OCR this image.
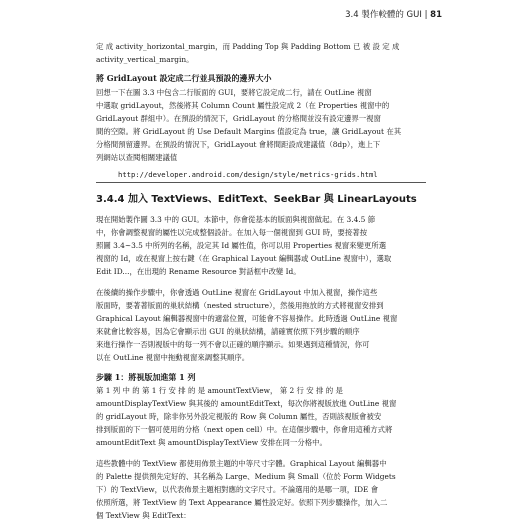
3.4 製作較體的 GUI | 81

定 成 activity_horizontal_margin，而 Padding Top 與 Padding Bottom 已 被 設 定 成

activity_vertical_margin。

將 GridLayout 設定成二行並具預設的邊界大小

回想一下在圖 3.3 中包含二行版面的 GUI，要將它設定成二行，請在 OutLine 視窗

中選取 gridLayout，然後將其 Column Count 屬性設定成 2（在 Properties 視窗中的

GridLayout 群組中）。在預設的情況下，GridLayout 的分格間並沒有設定邊界一視窗

間的空隙。將 GridLayout 的 Use Default Margins 值設定為 true，讓 GridLayout 在其

分格間預留邊界。在預設的情況下，GridLayout 會將間距設成建議值（8dp），進上下

列網站以查閱相關建議值

http://developer.android.com/design/style/metrics-grids.html
3.4.4 加入 TextViews、EditText、SeekBar 與 LinearLayouts

現在開始製作圖 3.3 中的 GUI。本節中，你會從基本的版面與視窗做起。在 3.4.5 節

中，你會調整視窗的屬性以完成整個設計。在加入每一個視窗到 GUI 時，要接著按

照圖 3.4~3.5 中所列的名稱，設定其 Id 屬性值，你可以用 Properties 視窗來變更所選

視窗的 Id，或在視窗上按右鍵（在 Graphical Layout 編輯器或 OutLine 視窗中），選取

Edit ID...，在出現的 Rename Resource 對話框中改變 Id。

在後續的操作步驟中，你會透過 OutLine 視窗在 GridLayout 中加入視窗，操作這些

版面時，要著著版面的巢狀結構（nested structure），然後用拖放的方式將視窗安排到

Graphical Layout 編輯器視窗中的適當位置，可能會不容易操作。此時透過 OutLine 視窗

來就會比較容易，因為它會顯示出 GUI 的巢狀結構，請確實依照下列步驟的順序

來進行操作一否則視版中的每一列不會以正確的順序顯示。如果遇到這種情況，你可

以在 OutLine 視窗中拖動視窗來調整其順序。

步驟 1：將視版加進第 1 列

第 1 列 中 的 第 1 行 安 排 的 是 amountTextView， 第 2 行 安 排 的 是

amountDisplayTextView 與其後的 amountEditText，每次你將視版放進 OutLine 視窗

的 gridLayout 時，除非你另外設定視版的 Row 與 Column 屬性，否則該視版會被安

排到版面的下一個可使用的分格（next open cell）中。在這個步驟中，你會用這種方式將

amountEditText 與 amountDisplayTextView 安排在同一分格中。

這些教體中的 TextView 都使用佈景主題的中等尺寸字體。Graphical Layout 編輯器中

的 Palette 提供預先定好的、其名稱為 Large、Medium 與 Small（位於 Form Widgets

下）的 TextView，以代表佈景主題相對應的文字尺寸。不論選用的是哪一項，IDE 會

依照所選，將 TextView 的 Text Appearance 屬性設定好。依照下列步驟操作，加入二

個 TextView 與 EditText：
